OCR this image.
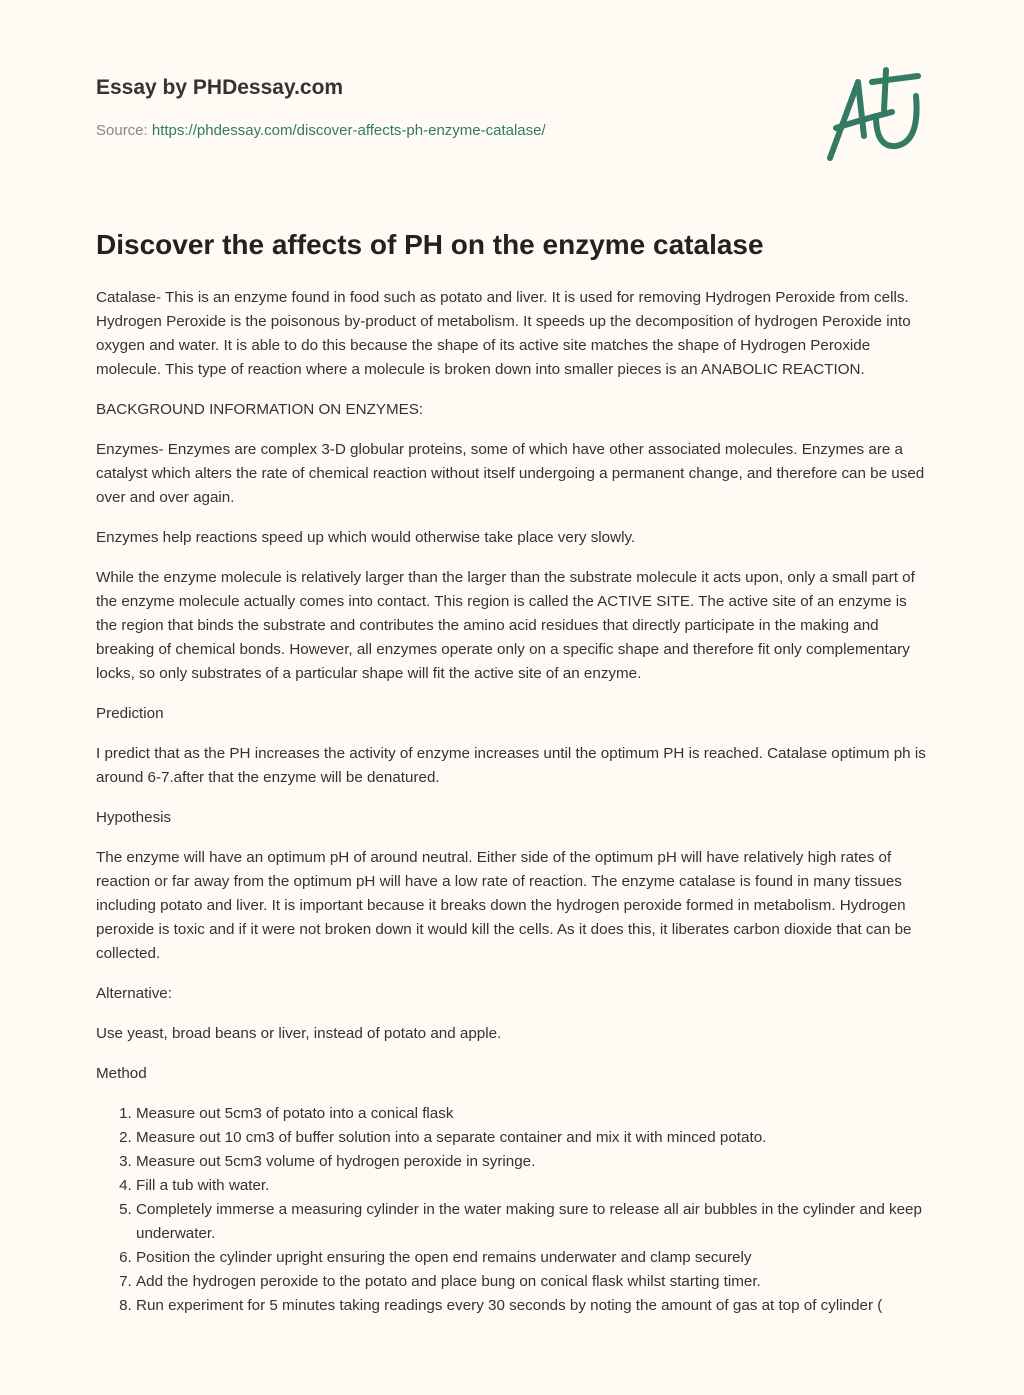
Essay by PHDessay.com
Source: https://phdessay.com/discover-affects-ph-enzyme-catalase/
Discover the affects of PH on the enzyme catalase

Catalase- This is an enzyme found in food such as potato and liver. It is used for removing Hydrogen Peroxide from cells. Hydrogen Peroxide is the poisonous by-product of metabolism. It speeds up the decomposition of hydrogen Peroxide into oxygen and water. It is able to do this because the shape of its active site matches the shape of Hydrogen Peroxide molecule. This type of reaction where a molecule is broken down into smaller pieces is an ANABOLIC REACTION.

BACKGROUND INFORMATION ON ENZYMES:

Enzymes- Enzymes are complex 3-D globular proteins, some of which have other associated molecules. Enzymes are a catalyst which alters the rate of chemical reaction without itself undergoing a permanent change, and therefore can be used over and over again.

Enzymes help reactions speed up which would otherwise take place very slowly.

While the enzyme molecule is relatively larger than the larger than the substrate molecule it acts upon, only a small part of the enzyme molecule actually comes into contact. This region is called the ACTIVE SITE. The active site of an enzyme is the region that binds the substrate and contributes the amino acid residues that directly participate in the making and breaking of chemical bonds. However, all enzymes operate only on a specific shape and therefore fit only complementary locks, so only substrates of a particular shape will fit the active site of an enzyme.

Prediction

I predict that as the PH increases the activity of enzyme increases until the optimum PH is reached. Catalase optimum ph is around 6-7.after that the enzyme will be denatured.

Hypothesis

The enzyme will have an optimum pH of around neutral. Either side of the optimum pH will have relatively high rates of reaction or far away from the optimum pH will have a low rate of reaction. The enzyme catalase is found in many tissues including potato and liver. It is important because it breaks down the hydrogen peroxide formed in metabolism. Hydrogen peroxide is toxic and if it were not broken down it would kill the cells. As it does this, it liberates carbon dioxide that can be collected.

Alternative:

Use yeast, broad beans or liver, instead of potato and apple.

Method

1. Measure out 5cm3 of potato into a conical flask
2. Measure out 10 cm3 of buffer solution into a separate container and mix it with minced potato.
3. Measure out 5cm3 volume of hydrogen peroxide in syringe.
4. Fill a tub with water.
5. Completely immerse a measuring cylinder in the water making sure to release all air bubbles in the cylinder and keep underwater.
6. Position the cylinder upright ensuring the open end remains underwater and clamp securely
7. Add the hydrogen peroxide to the potato and place bung on conical flask whilst starting timer.
8. Run experiment for 5 minutes taking readings every 30 seconds by noting the amount of gas at top of cylinder (
